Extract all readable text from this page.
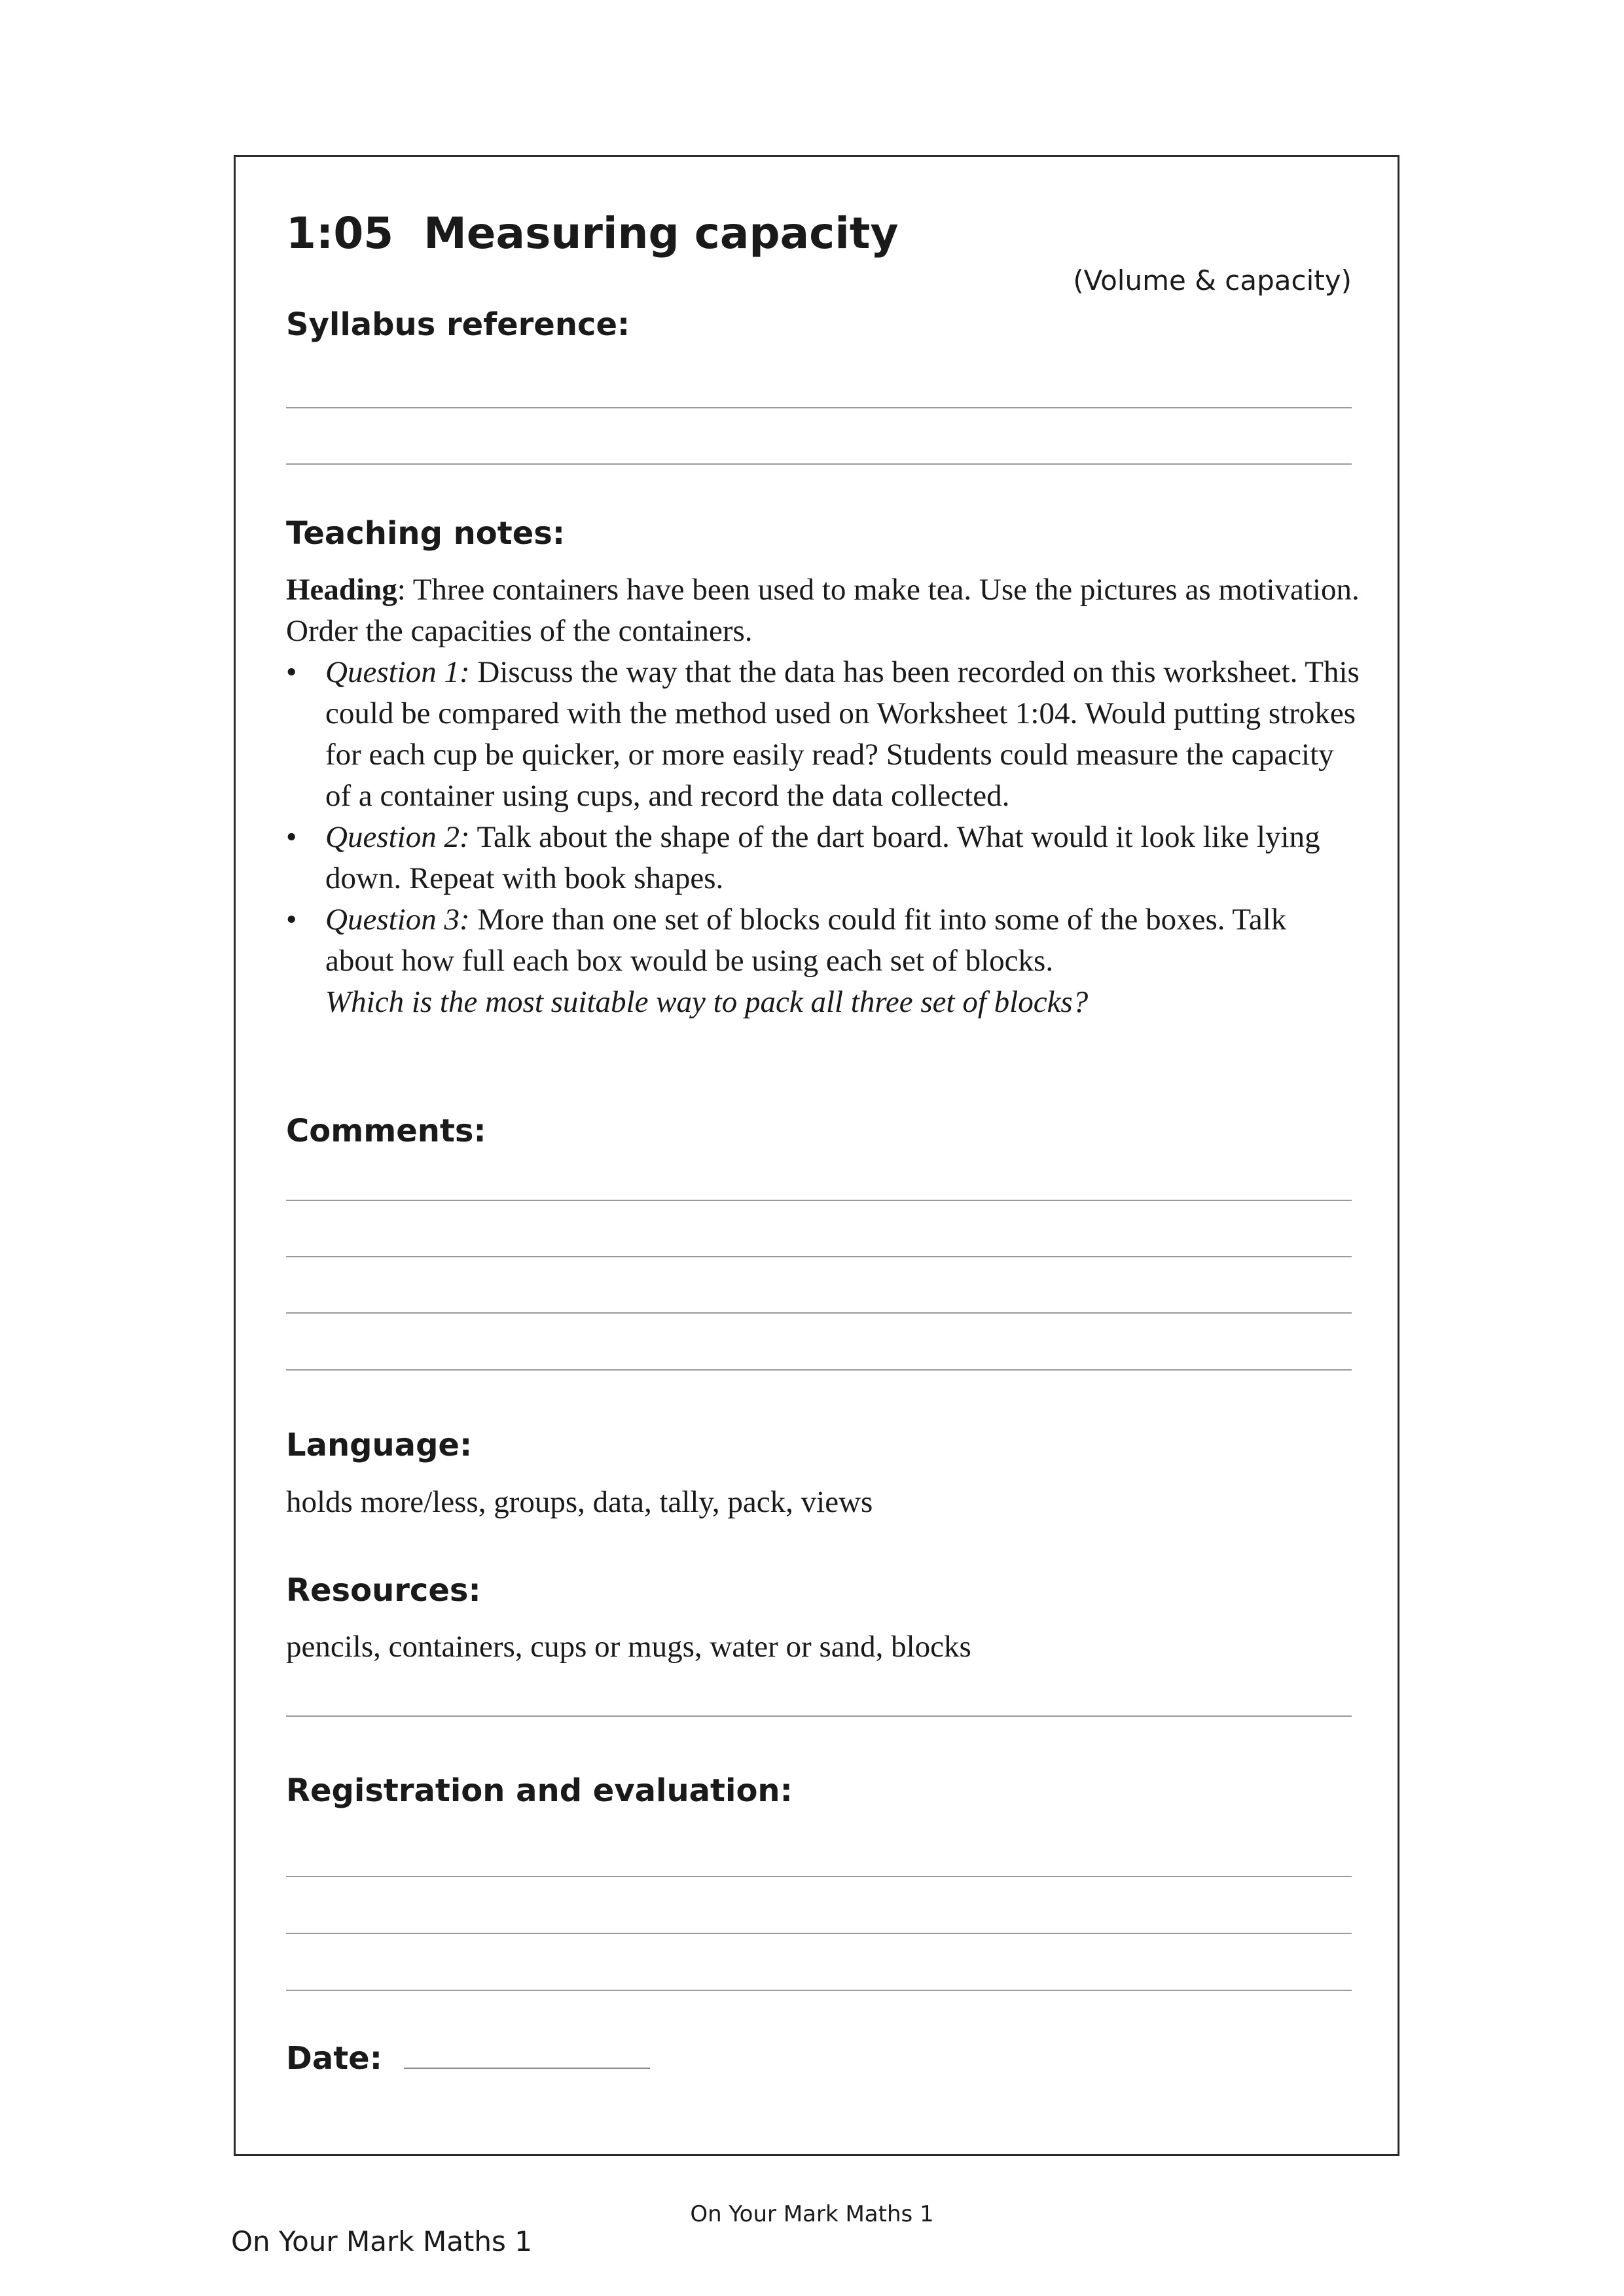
1:05  Measuring capacity
(Volume & capacity)
Syllabus reference:
Teaching notes:

Heading: Three containers have been used to make tea. Use the pictures as motivation. Order the capacities of the containers.

• Question 1: Discuss the way that the data has been recorded on this worksheet. This could be compared with the method used on Worksheet 1:04. Would putting strokes for each cup be quicker, or more easily read? Students could measure the capacity of a container using cups, and record the data collected.
• Question 2: Talk about the shape of the dart board. What would it look like lying down. Repeat with book shapes.
• Question 3: More than one set of blocks could fit into some of the boxes. Talk about how full each box would be using each set of blocks.
Which is the most suitable way to pack all three set of blocks?
Comments:
Language:
holds more/less, groups, data, tally, pack, views
Resources:
pencils, containers, cups or mugs, water or sand, blocks
Registration and evaluation:
Date:
On Your Mark Maths 1
On Your Mark Maths 1
